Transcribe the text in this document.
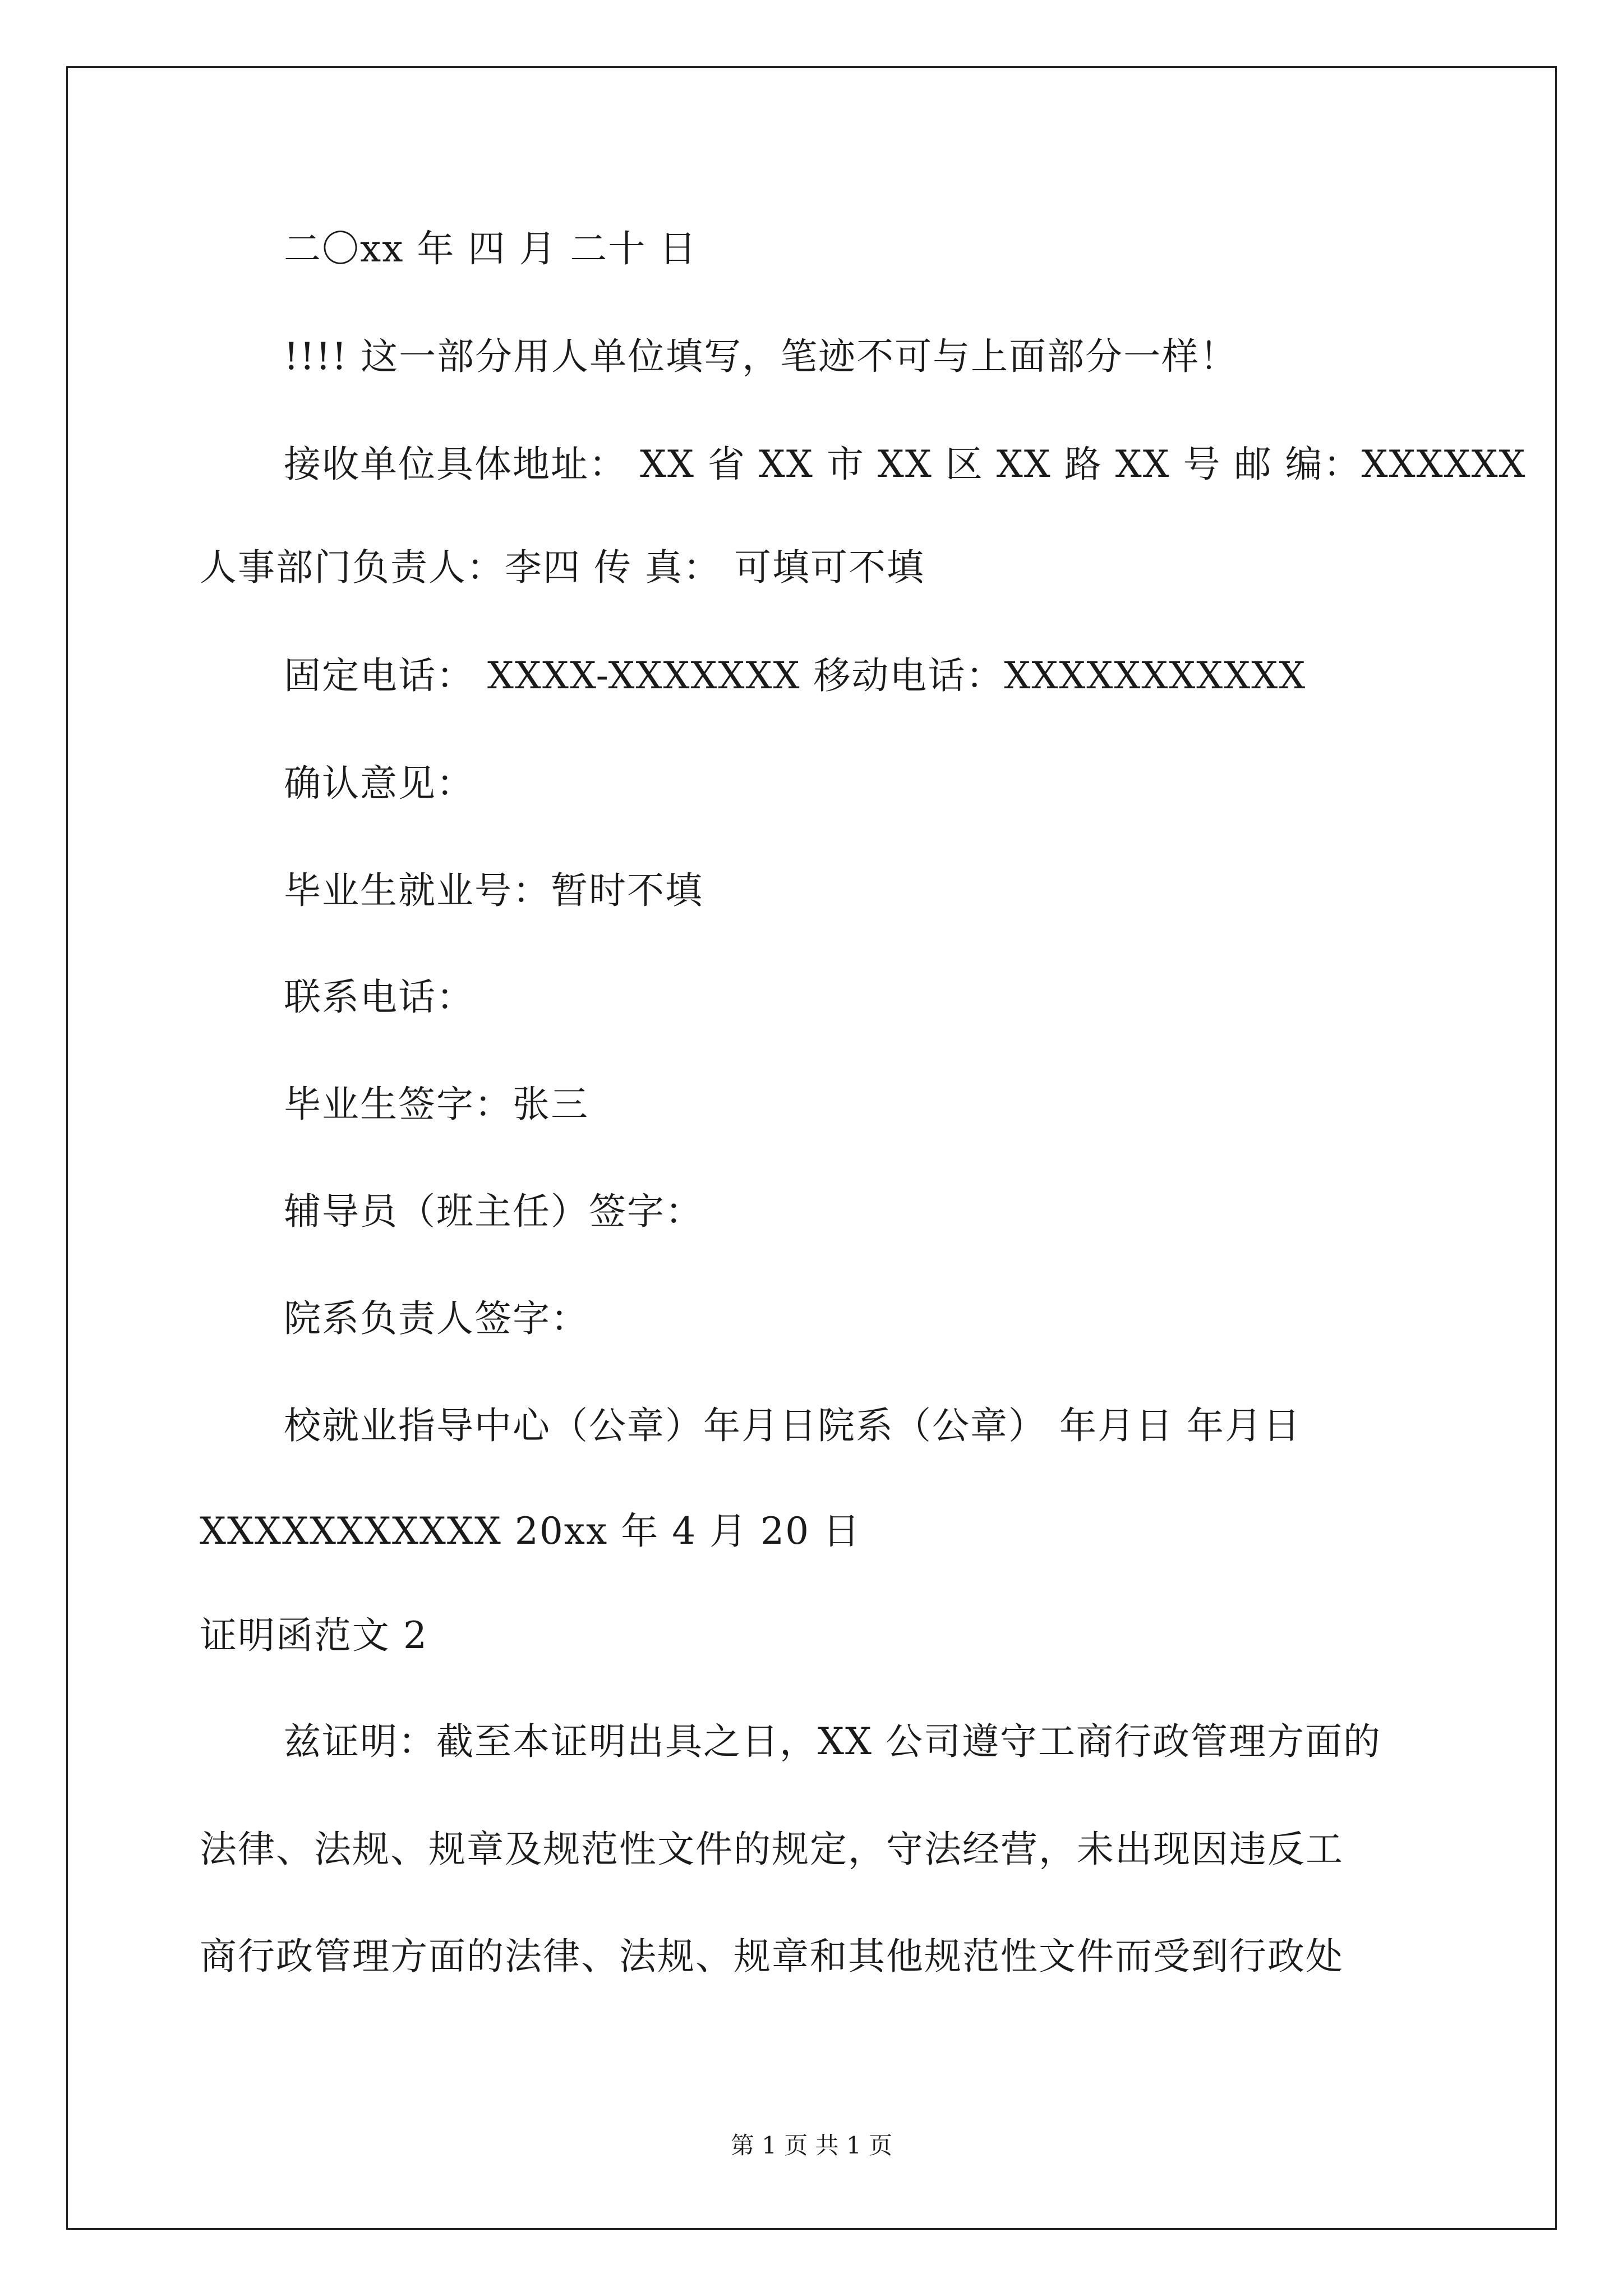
二〇xx 年 四 月 二十 日
!!!! 这一部分用人单位填写，笔迹不可与上面部分一样！
接收单位具体地址： XX 省 XX 市 XX 区 XX 路 XX 号 邮 编：XXXXXX
人事部门负责人：李四 传 真： 可填可不填
固定电话： XXXX-XXXXXXX 移动电话：XXXXXXXXXXX
确认意见：
毕业生就业号：暂时不填
联系电话：
毕业生签字：张三
辅导员（班主任）签字：
院系负责人签字：
校就业指导中心（公章）年月日院系（公章） 年月日 年月日
XXXXXXXXXXX 20xx 年 4 月 20 日
证明函范文 2
兹证明：截至本证明出具之日，XX 公司遵守工商行政管理方面的
法律、法规、规章及规范性文件的规定，守法经营，未出现因违反工
商行政管理方面的法律、法规、规章和其他规范性文件而受到行政处
第 1 页 共 1 页
